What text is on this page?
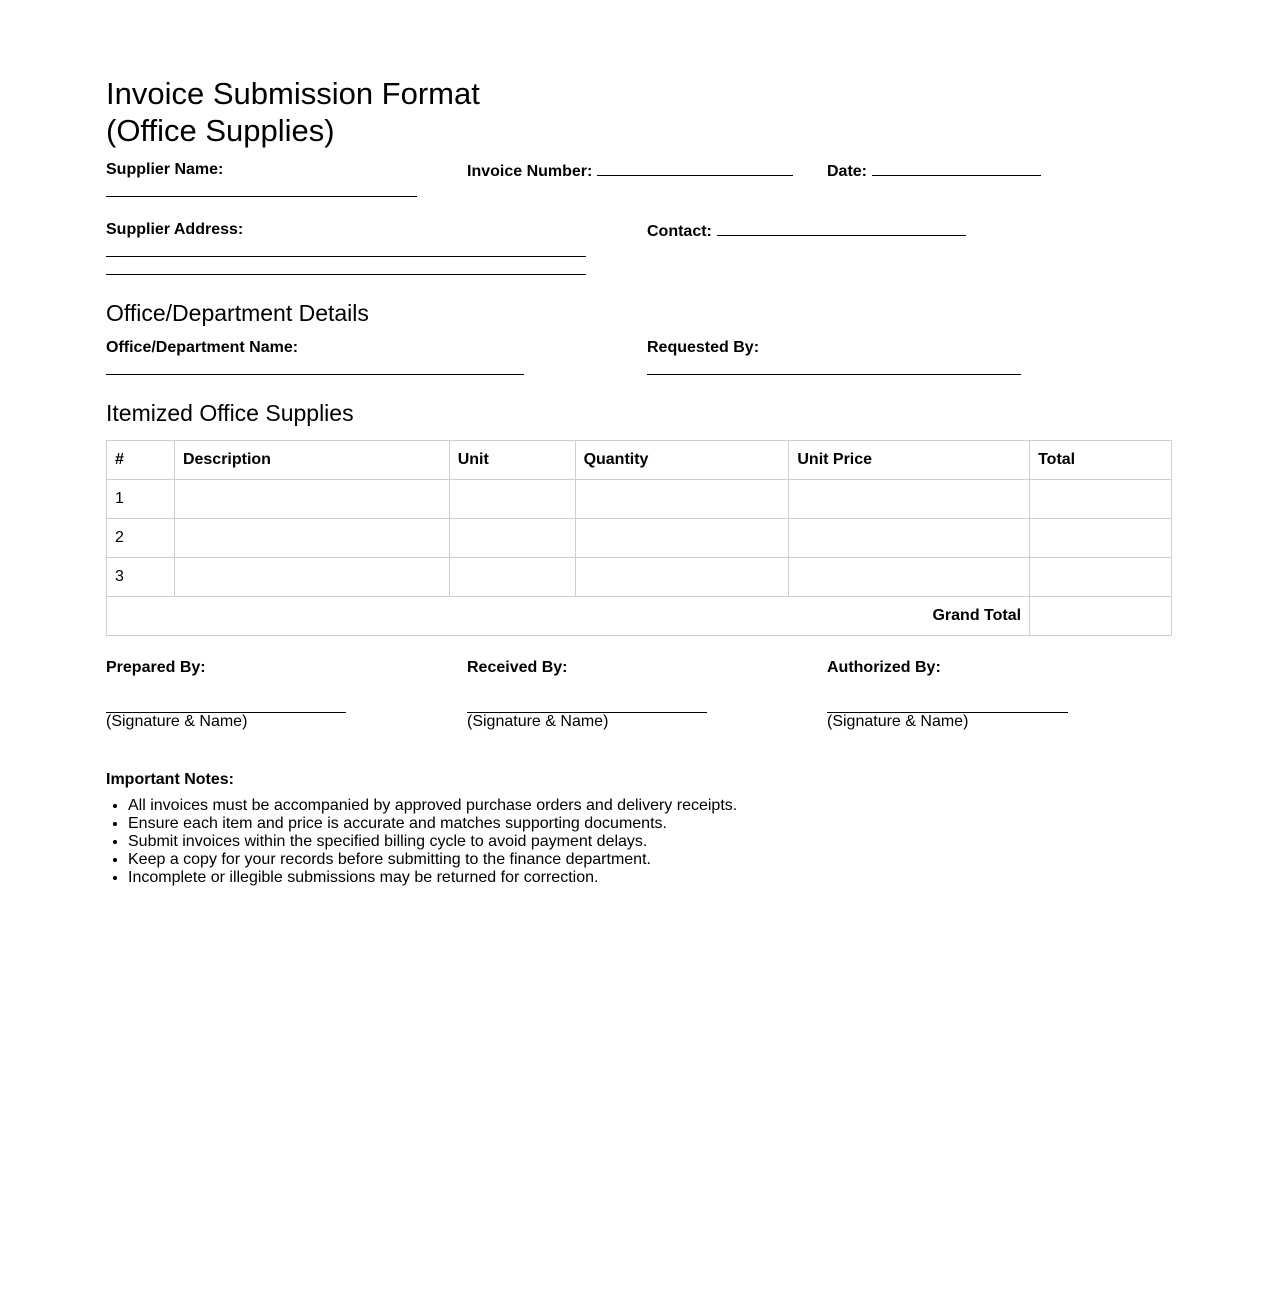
Invoice Submission Format
(Office Supplies)
Supplier Name:	Invoice Number:	Date:
Supplier Address:	Contact:
Office/Department Details
Office/Department Name:	Requested By:
Itemized Office Supplies
#	Description	Unit	Quantity	Unit Price	Total
1					
2					
3					
Grand Total					
Prepared By:
(Signature & Name)
Received By:
(Signature & Name)
Authorized By:
(Signature & Name)
Important Notes:
• All invoices must be accompanied by approved purchase orders and delivery receipts.
• Ensure each item and price is accurate and matches supporting documents.
• Submit invoices within the specified billing cycle to avoid payment delays.
• Keep a copy for your records before submitting to the finance department.
• Incomplete or illegible submissions may be returned for correction.
